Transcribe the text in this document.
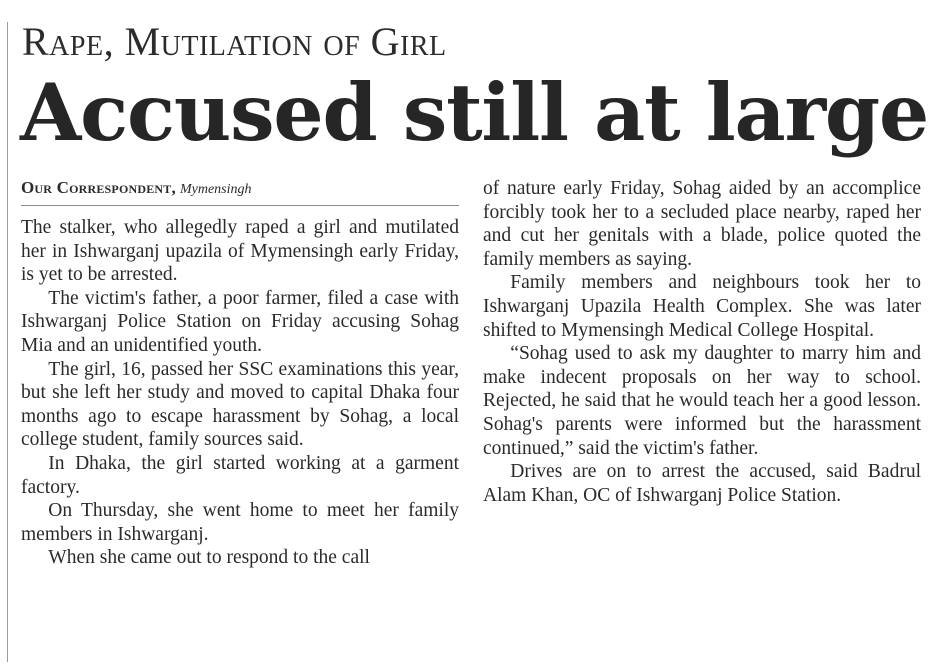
Rape, Mutilation of Girl
Accused still at large
Our Correspondent, Mymensingh

The stalker, who allegedly raped a girl and mutilated her in Ishwarganj upazila of Mymensingh early Friday, is yet to be arrested.

The victim's father, a poor farmer, filed a case with Ishwarganj Police Station on Friday accusing Sohag Mia and an unidentified youth.

The girl, 16, passed her SSC examinations this year, but she left her study and moved to capital Dhaka four months ago to escape harassment by Sohag, a local college student, family sources said.

In Dhaka, the girl started working at a garment factory.

On Thursday, she went home to meet her family members in Ishwarganj.

When she came out to respond to the call

of nature early Friday, Sohag aided by an accomplice forcibly took her to a secluded place nearby, raped her and cut her genitals with a blade, police quoted the family members as saying.

Family members and neighbours took her to Ishwarganj Upazila Health Complex. She was later shifted to Mymensingh Medical College Hospital.

“Sohag used to ask my daughter to marry him and make indecent proposals on her way to school. Rejected, he said that he would teach her a good lesson. Sohag's parents were informed but the harassment continued,” said the victim's father.

Drives are on to arrest the accused, said Badrul Alam Khan, OC of Ishwarganj Police Station.
